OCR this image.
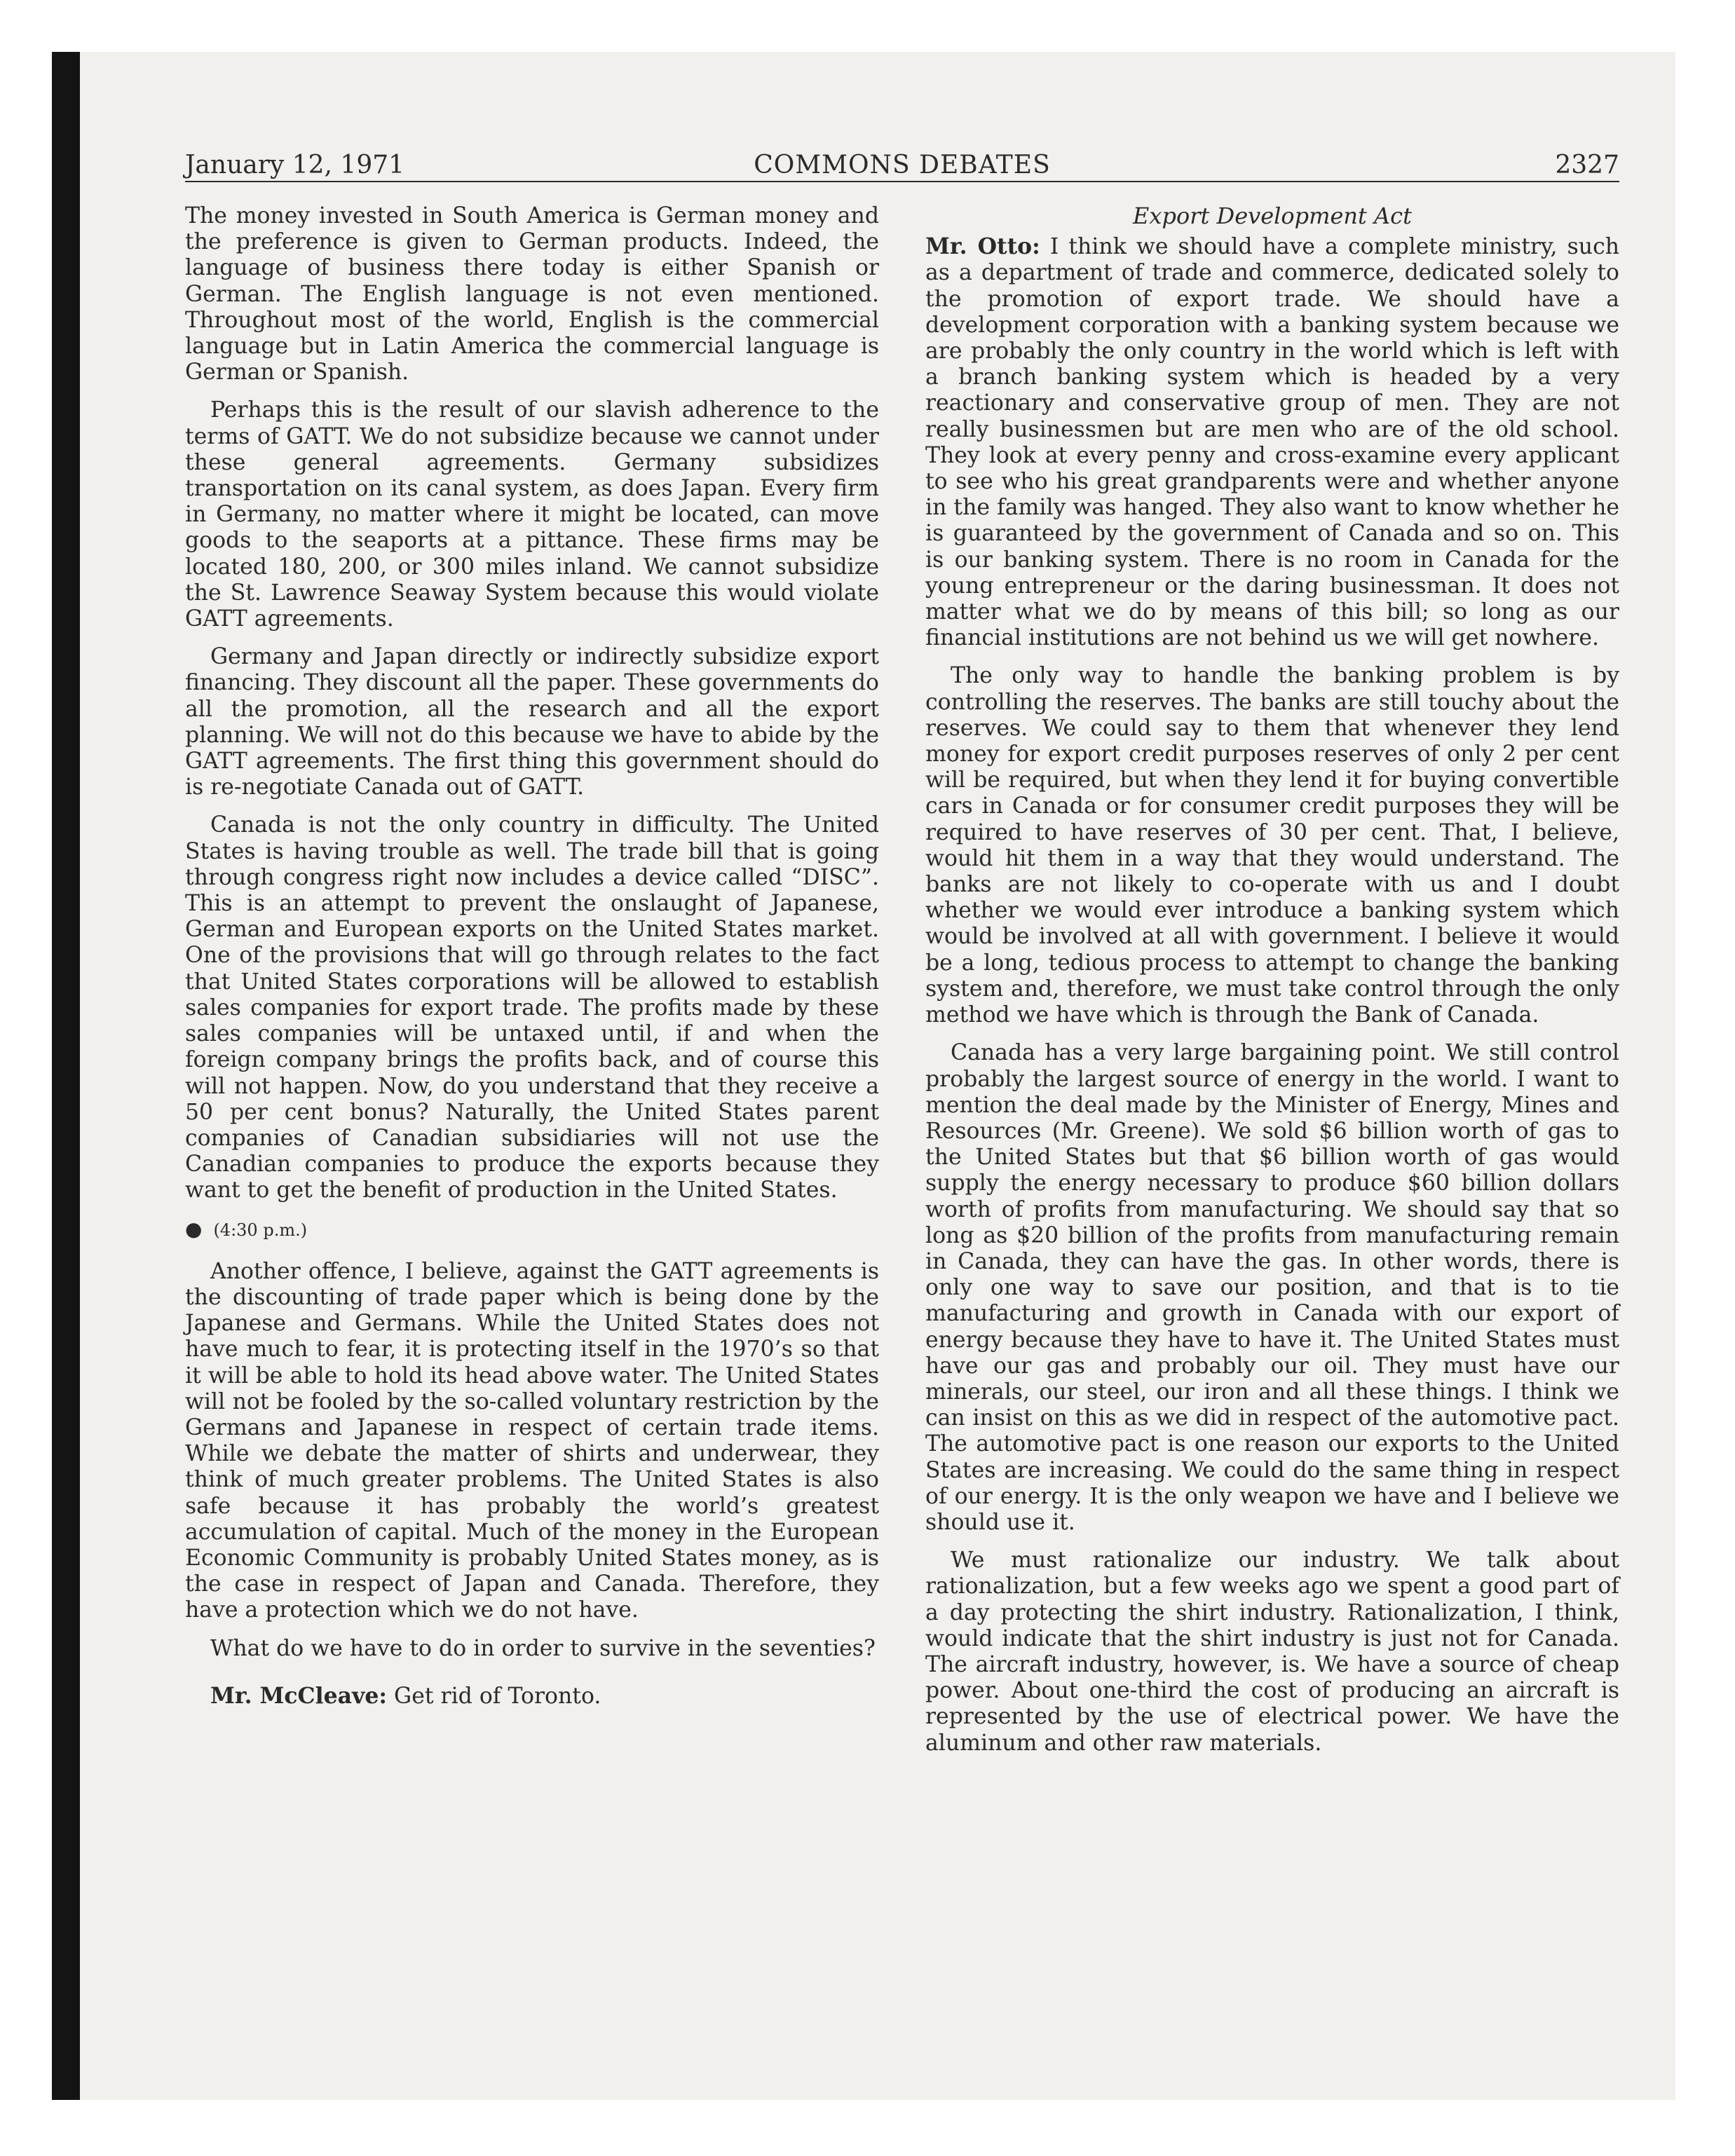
January 12, 1971	COMMONS DEBATES	2327

The money invested in South America is German money and the preference is given to German products. Indeed, the language of business there today is either Spanish or German. The English language is not even mentioned. Throughout most of the world, English is the commercial language but in Latin America the commercial language is German or Spanish.

Perhaps this is the result of our slavish adherence to the terms of GATT. We do not subsidize because we cannot under these general agreements. Germany subsidizes transportation on its canal system, as does Japan. Every firm in Germany, no matter where it might be located, can move goods to the seaports at a pittance. These firms may be located 180, 200, or 300 miles inland. We cannot subsidize the St. Lawrence Seaway System because this would violate GATT agreements.

Germany and Japan directly or indirectly subsidize export financing. They discount all the paper. These governments do all the promotion, all the research and all the export planning. We will not do this because we have to abide by the GATT agreements. The first thing this government should do is re-negotiate Canada out of GATT.

Canada is not the only country in difficulty. The United States is having trouble as well. The trade bill that is going through congress right now includes a device called “DISC”. This is an attempt to prevent the onslaught of Japanese, German and European exports on the United States market. One of the provisions that will go through relates to the fact that United States corporations will be allowed to establish sales companies for export trade. The profits made by these sales companies will be untaxed until, if and when the foreign company brings the profits back, and of course this will not happen. Now, do you understand that they receive a 50 per cent bonus? Naturally, the United States parent companies of Canadian subsidiaries will not use the Canadian companies to produce the exports because they want to get the benefit of production in the United States.

● (4:30 p.m.)

Another offence, I believe, against the GATT agreements is the discounting of trade paper which is being done by the Japanese and Germans. While the United States does not have much to fear, it is protecting itself in the 1970’s so that it will be able to hold its head above water. The United States will not be fooled by the so-called voluntary restriction by the Germans and Japanese in respect of certain trade items. While we debate the matter of shirts and underwear, they think of much greater problems. The United States is also safe because it has probably the world’s greatest accumulation of capital. Much of the money in the European Economic Community is probably United States money, as is the case in respect of Japan and Canada. Therefore, they have a protection which we do not have.

What do we have to do in order to survive in the seventies?

Mr. McCleave: Get rid of Toronto.

Export Development Act

Mr. Otto: I think we should have a complete ministry, such as a department of trade and commerce, dedicated solely to the promotion of export trade. We should have a development corporation with a banking system because we are probably the only country in the world which is left with a branch banking system which is headed by a very reactionary and conservative group of men. They are not really businessmen but are men who are of the old school. They look at every penny and cross-examine every applicant to see who his great grandparents were and whether anyone in the family was hanged. They also want to know whether he is guaranteed by the government of Canada and so on. This is our banking system. There is no room in Canada for the young entrepreneur or the daring businessman. It does not matter what we do by means of this bill; so long as our financial institutions are not behind us we will get nowhere.

The only way to handle the banking problem is by controlling the reserves. The banks are still touchy about the reserves. We could say to them that whenever they lend money for export credit purposes reserves of only 2 per cent will be required, but when they lend it for buying convertible cars in Canada or for consumer credit purposes they will be required to have reserves of 30 per cent. That, I believe, would hit them in a way that they would understand. The banks are not likely to co-operate with us and I doubt whether we would ever introduce a banking system which would be involved at all with government. I believe it would be a long, tedious process to attempt to change the banking system and, therefore, we must take control through the only method we have which is through the Bank of Canada.

Canada has a very large bargaining point. We still control probably the largest source of energy in the world. I want to mention the deal made by the Minister of Energy, Mines and Resources (Mr. Greene). We sold $6 billion worth of gas to the United States but that $6 billion worth of gas would supply the energy necessary to produce $60 billion dollars worth of profits from manufacturing. We should say that so long as $20 billion of the profits from manufacturing remain in Canada, they can have the gas. In other words, there is only one way to save our position, and that is to tie manufacturing and growth in Canada with our export of energy because they have to have it. The United States must have our gas and probably our oil. They must have our minerals, our steel, our iron and all these things. I think we can insist on this as we did in respect of the automotive pact. The automotive pact is one reason our exports to the United States are increasing. We could do the same thing in respect of our energy. It is the only weapon we have and I believe we should use it.

We must rationalize our industry. We talk about rationalization, but a few weeks ago we spent a good part of a day protecting the shirt industry. Rationalization, I think, would indicate that the shirt industry is just not for Canada. The aircraft industry, however, is. We have a source of cheap power. About one-third the cost of producing an aircraft is represented by the use of electrical power. We have the aluminum and other raw materials.
